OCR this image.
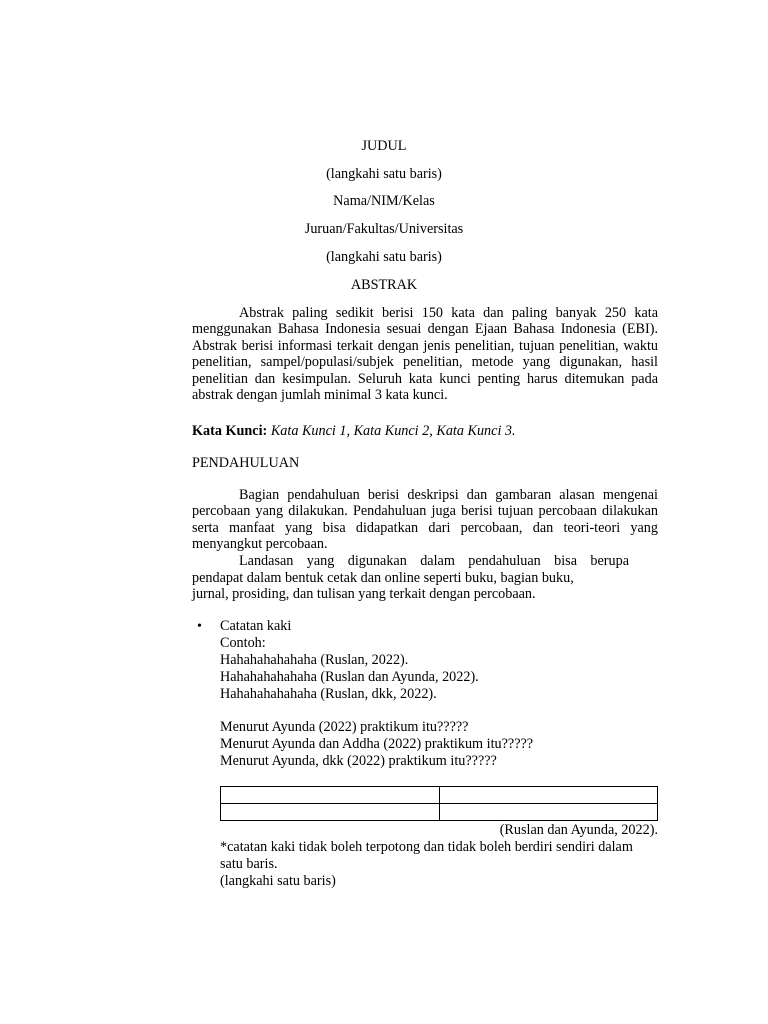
JUDUL
(langkahi satu baris)
Nama/NIM/Kelas
Juruan/Fakultas/Universitas
(langkahi satu baris)
ABSTRAK

Abstrak paling sedikit berisi 150 kata dan paling banyak 250 kata menggunakan Bahasa Indonesia sesuai dengan Ejaan Bahasa Indonesia (EBI). Abstrak berisi informasi terkait dengan jenis penelitian, tujuan penelitian, waktu penelitian, sampel/populasi/subjek penelitian, metode yang digunakan, hasil penelitian dan kesimpulan. Seluruh kata kunci penting harus ditemukan pada abstrak dengan jumlah minimal 3 kata kunci.

Kata Kunci: Kata Kunci 1, Kata Kunci 2, Kata Kunci 3.
PENDAHULUAN

Bagian pendahuluan berisi deskripsi dan gambaran alasan mengenai percobaan yang dilakukan. Pendahuluan juga berisi tujuan percobaan dilakukan serta manfaat yang bisa didapatkan dari percobaan, dan teori-teori yang menyangkut percobaan.

Landasan yang digunakan dalam pendahuluan bisa berupa
pendapat dalam bentuk cetak dan online seperti buku, bagian buku,
jurnal, prosiding, dan tulisan yang terkait dengan percobaan.
• Catatan kaki
Contoh:
Hahahahahahaha (Ruslan, 2022).
Hahahahahahaha (Ruslan dan Ayunda, 2022).
Hahahahahahaha (Ruslan, dkk, 2022).
Menurut Ayunda (2022) praktikum itu?????
Menurut Ayunda dan Addha (2022) praktikum itu?????
Menurut Ayunda, dkk (2022) praktikum itu?????

(Ruslan dan Ayunda, 2022).
*catatan kaki tidak boleh terpotong dan tidak boleh berdiri sendiri dalam satu baris.
(langkahi satu baris)
